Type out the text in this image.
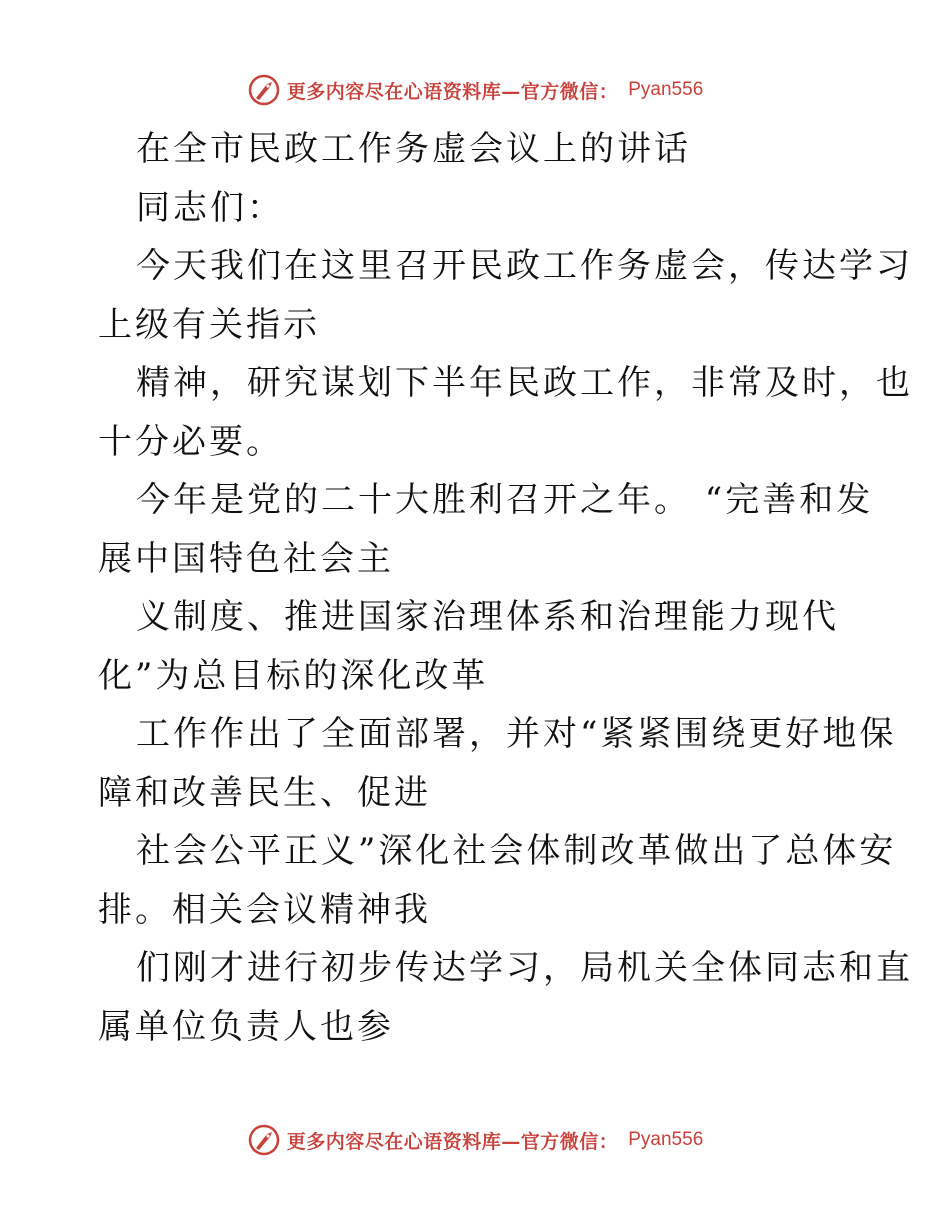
更多内容尽在心语资料库—官方微信： Pyan556
在全市民政工作务虚会议上的讲话
同志们：
今天我们在这里召开民政工作务虚会，传达学习
上级有关指示
精神，研究谋划下半年民政工作，非常及时，也
十分必要。
今年是党的二十大胜利召开之年。 “完善和发
展中国特色社会主
义制度、推进国家治理体系和治理能力现代
化”为总目标的深化改革
工作作出了全面部署，并对“紧紧围绕更好地保
障和改善民生、促进
社会公平正义”深化社会体制改革做出了总体安
排。相关会议精神我
们刚才进行初步传达学习，局机关全体同志和直
属单位负责人也参
更多内容尽在心语资料库—官方微信： Pyan556
